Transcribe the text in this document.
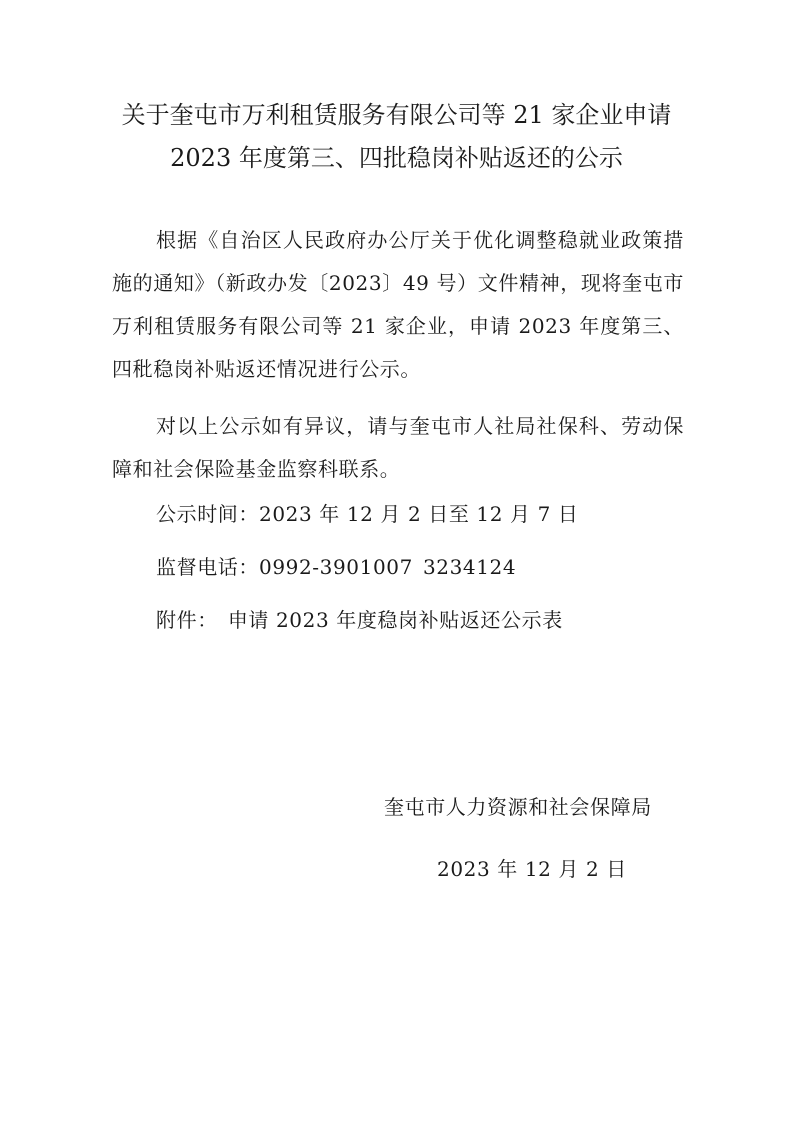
关于奎屯市万利租赁服务有限公司等 21 家企业申请
2023 年度第三、四批稳岗补贴返还的公示
根据《自治区人民政府办公厅关于优化调整稳就业政策措施的通知》（新政办发〔2023〕49 号）文件精神，现将奎屯市万利租赁服务有限公司等 21 家企业，申请 2023 年度第三、四秕稳岗补贴返还情况进行公示。
对以上公示如有异议，请与奎屯市人社局社保科、劳动保障和社会保险基金监察科联系。
公示时间：2023 年 12 月 2 日至 12 月 7 日
监督电话：0992-3901007 3234124
附件： 申请 2023 年度稳岗补贴返还公示表
奎屯市人力资源和社会保障局
2023 年 12 月 2 日
